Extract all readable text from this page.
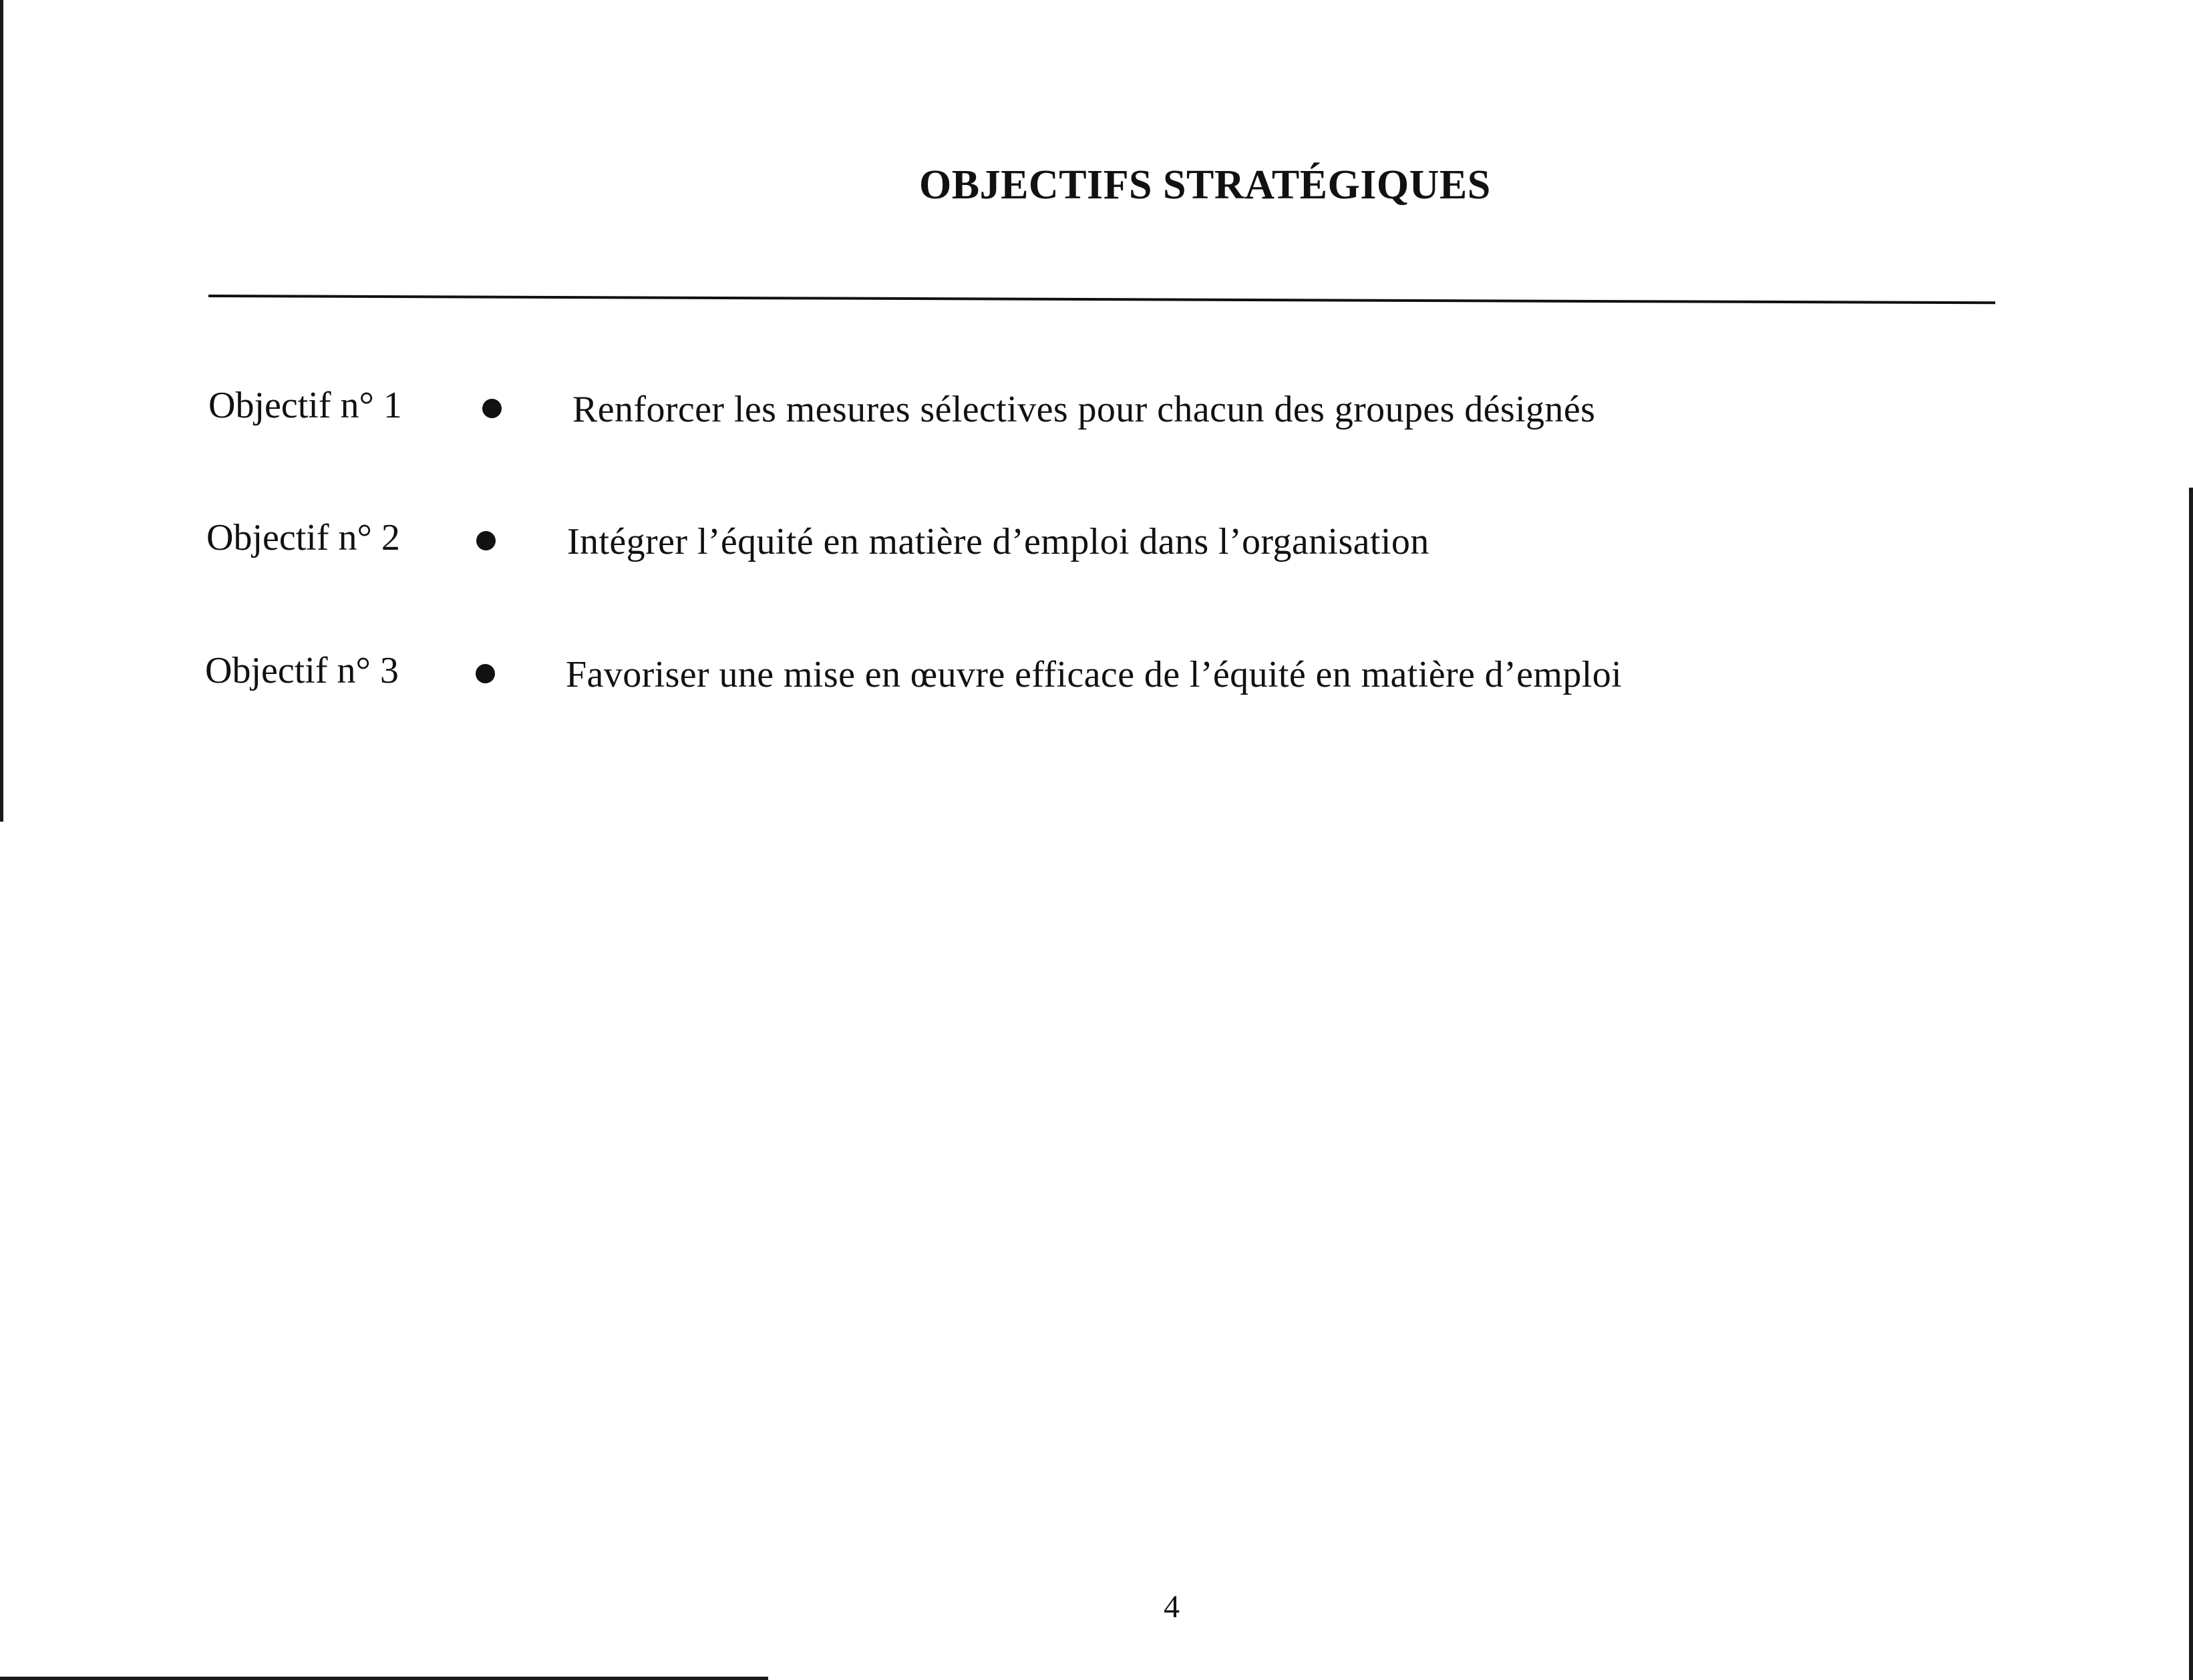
OBJECTIFS STRATÉGIQUES
Objectif n° 1	Renforcer les mesures sélectives pour chacun des groupes désignés
Objectif n° 2	Intégrer l’équité en matière d’emploi dans l’organisation
Objectif n° 3	Favoriser une mise en œuvre efficace de l’équité en matière d’emploi
4
